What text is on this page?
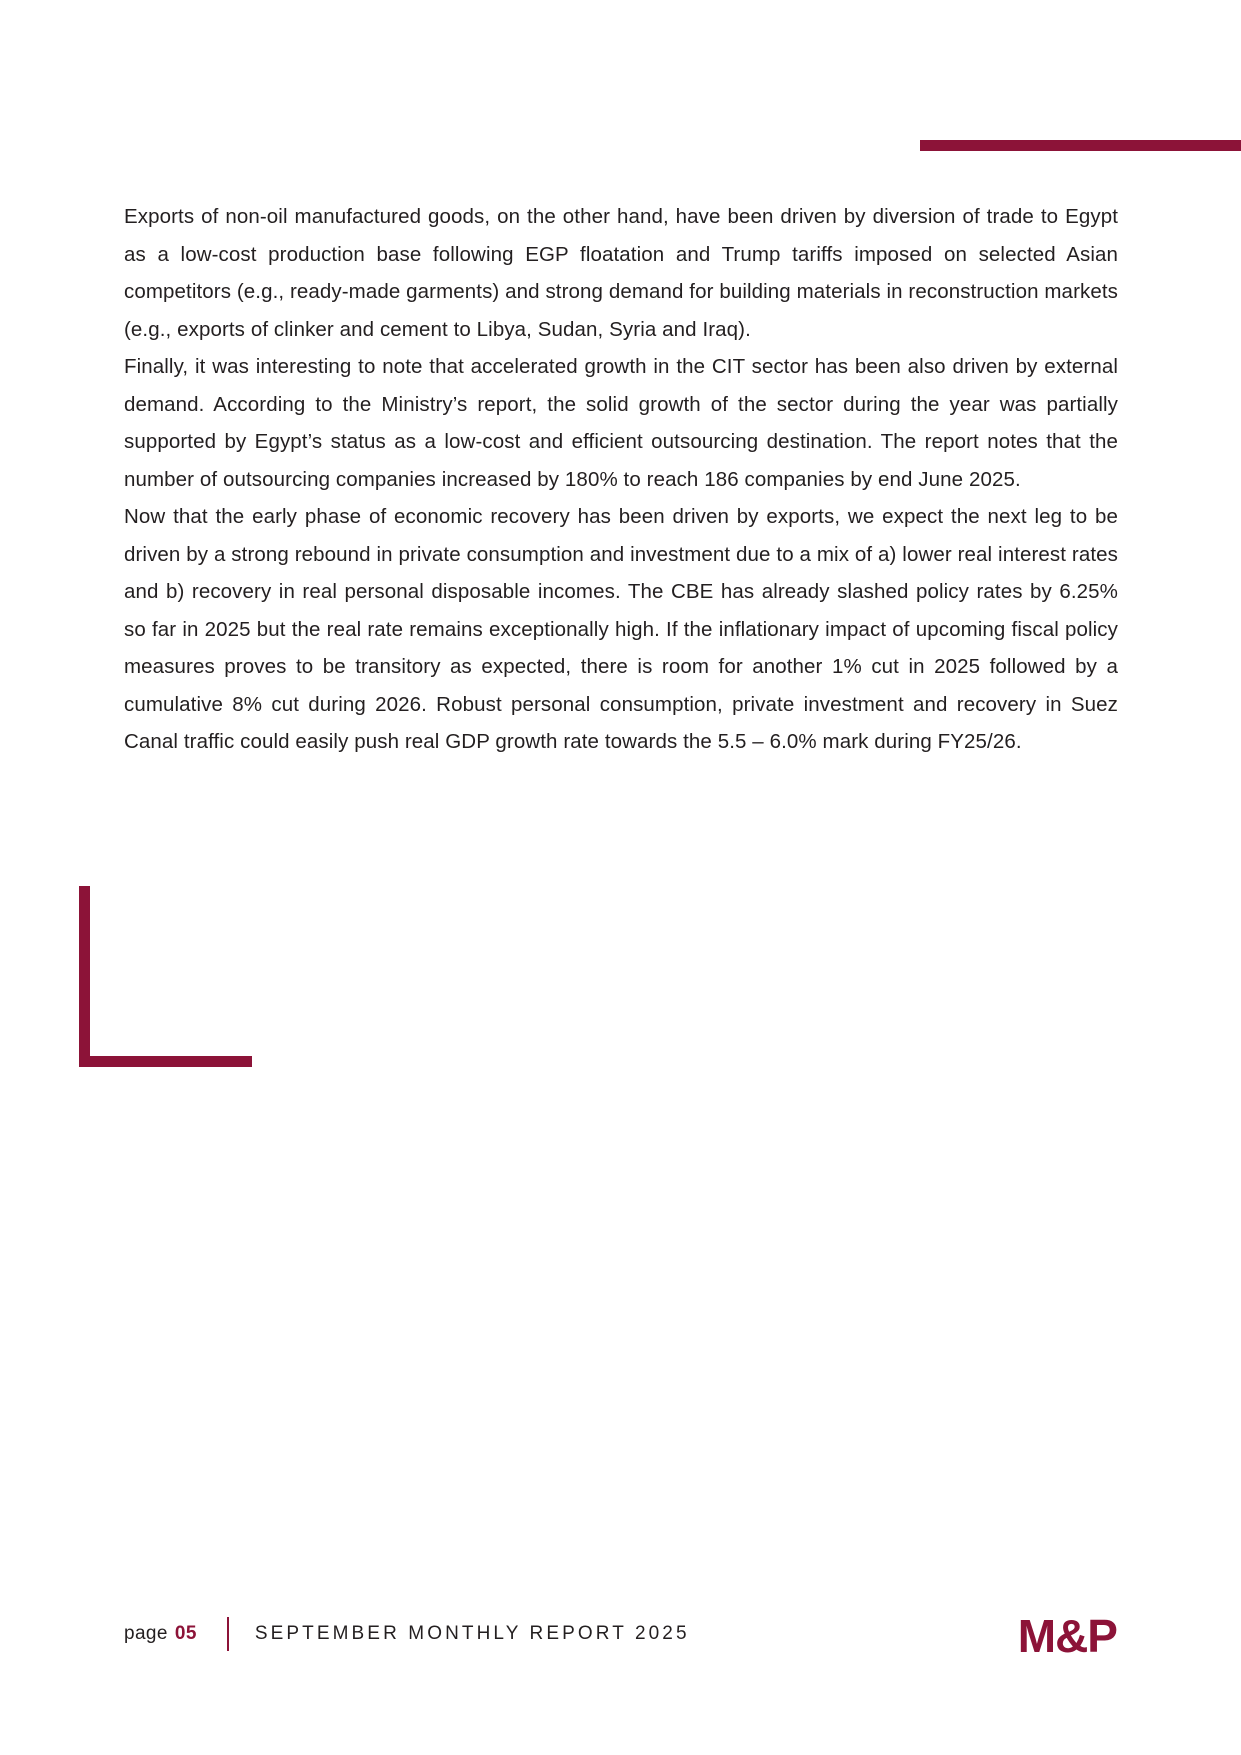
Exports of non-oil manufactured goods, on the other hand, have been driven by diversion of trade to Egypt as a low-cost production base following EGP floatation and Trump tariffs imposed on selected Asian competitors (e.g., ready-made garments) and strong demand for building materials in reconstruction markets (e.g., exports of clinker and cement to Libya, Sudan, Syria and Iraq).

Finally, it was interesting to note that accelerated growth in the CIT sector has been also driven by external demand. According to the Ministry’s report, the solid growth of the sector during the year was partially supported by Egypt’s status as a low-cost and efficient outsourcing destination. The report notes that the number of outsourcing companies increased by 180% to reach 186 companies by end June 2025.

Now that the early phase of economic recovery has been driven by exports, we expect the next leg to be driven by a strong rebound in private consumption and investment due to a mix of a) lower real interest rates and b) recovery in real personal disposable incomes. The CBE has already slashed policy rates by 6.25% so far in 2025 but the real rate remains exceptionally high. If the inflationary impact of upcoming fiscal policy measures proves to be transitory as expected, there is room for another 1% cut in 2025 followed by a cumulative 8% cut during 2026. Robust personal consumption, private investment and recovery in Suez Canal traffic could easily push real GDP growth rate towards the 5.5 – 6.0% mark during FY25/26.

page 05	SEPTEMBER MONTHLY REPORT 2025	M&P
